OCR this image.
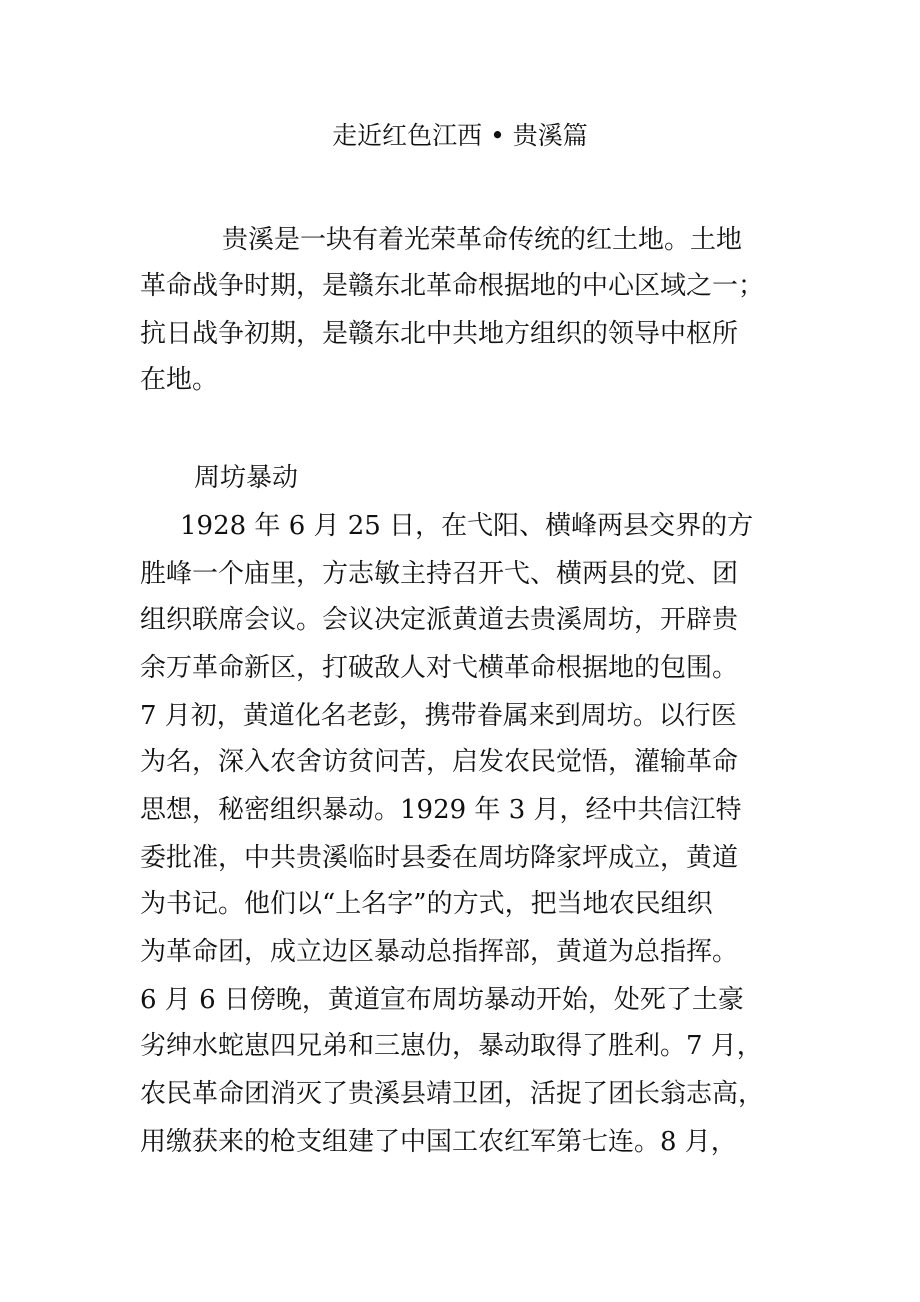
走近红色江西 • 贵溪篇
贵溪是一块有着光荣革命传统的红土地。土地
革命战争时期，是赣东北革命根据地的中心区域之一；
抗日战争初期，是赣东北中共地方组织的领导中枢所
在地。
周坊暴动
1928 年 6 月 25 日，在弋阳、横峰两县交界的方
胜峰一个庙里，方志敏主持召开弋、横两县的党、团
组织联席会议。会议决定派黄道去贵溪周坊，开辟贵
余万革命新区，打破敌人对弋横革命根据地的包围。
7 月初，黄道化名老彭，携带眷属来到周坊。以行医
为名，深入农舍访贫问苦，启发农民觉悟，灌输革命
思想，秘密组织暴动。1929 年 3 月，经中共信江特
委批准，中共贵溪临时县委在周坊降家坪成立，黄道
为书记。他们以“上名字”的方式，把当地农民组织
为革命团，成立边区暴动总指挥部，黄道为总指挥。
6 月 6 日傍晚，黄道宣布周坊暴动开始，处死了土豪
劣绅水蛇崽四兄弟和三崽仂，暴动取得了胜利。7 月，
农民革命团消灭了贵溪县靖卫团，活捉了团长翁志高，
用缴获来的枪支组建了中国工农红军第七连。8 月，
